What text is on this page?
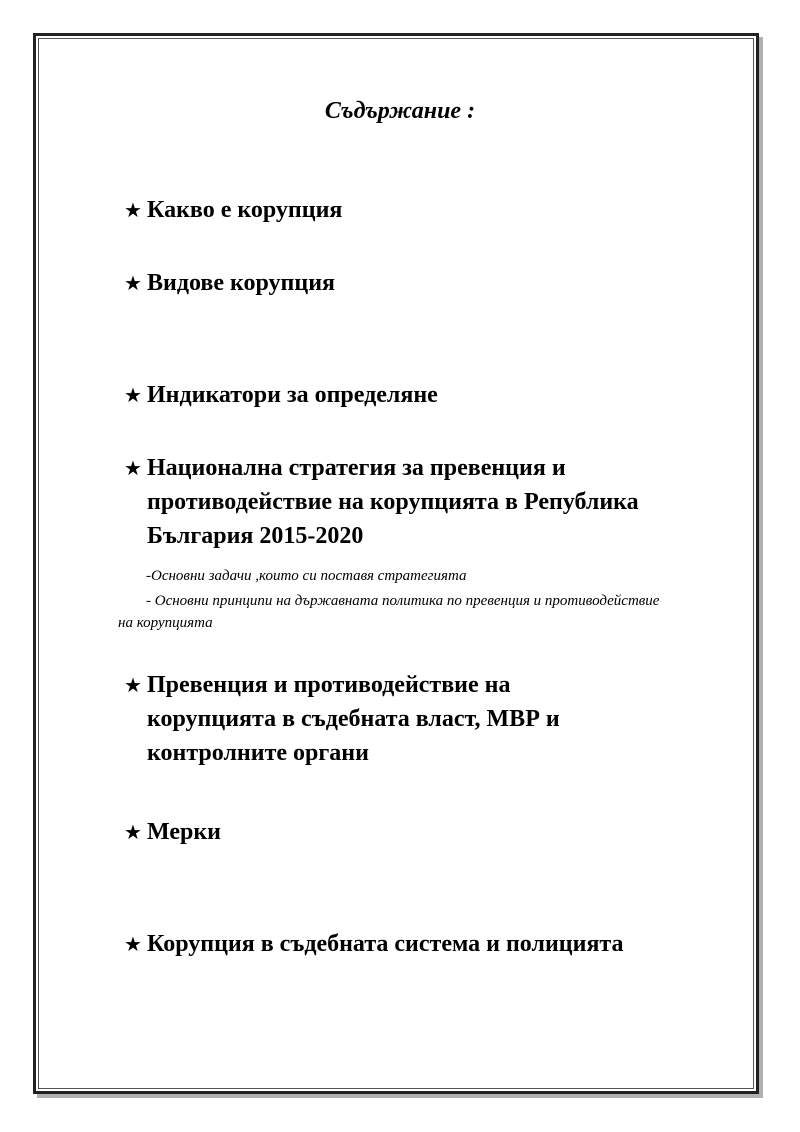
Съдържание :
★ Какво е корупция
★ Видове корупция
★ Индикатори за определяне
★ Национална стратегия за превенция и противодействие на корупцията в Република България 2015-2020
-Основни задачи ,които си поставя стратегията
- Основни принципи на държавната политика по превенция и противодействие на корупцията
★ Превенция и противодействие на корупцията в съдебната власт, МВР и контролните органи
★ Мерки
★ Корупция в съдебната система и полицията
